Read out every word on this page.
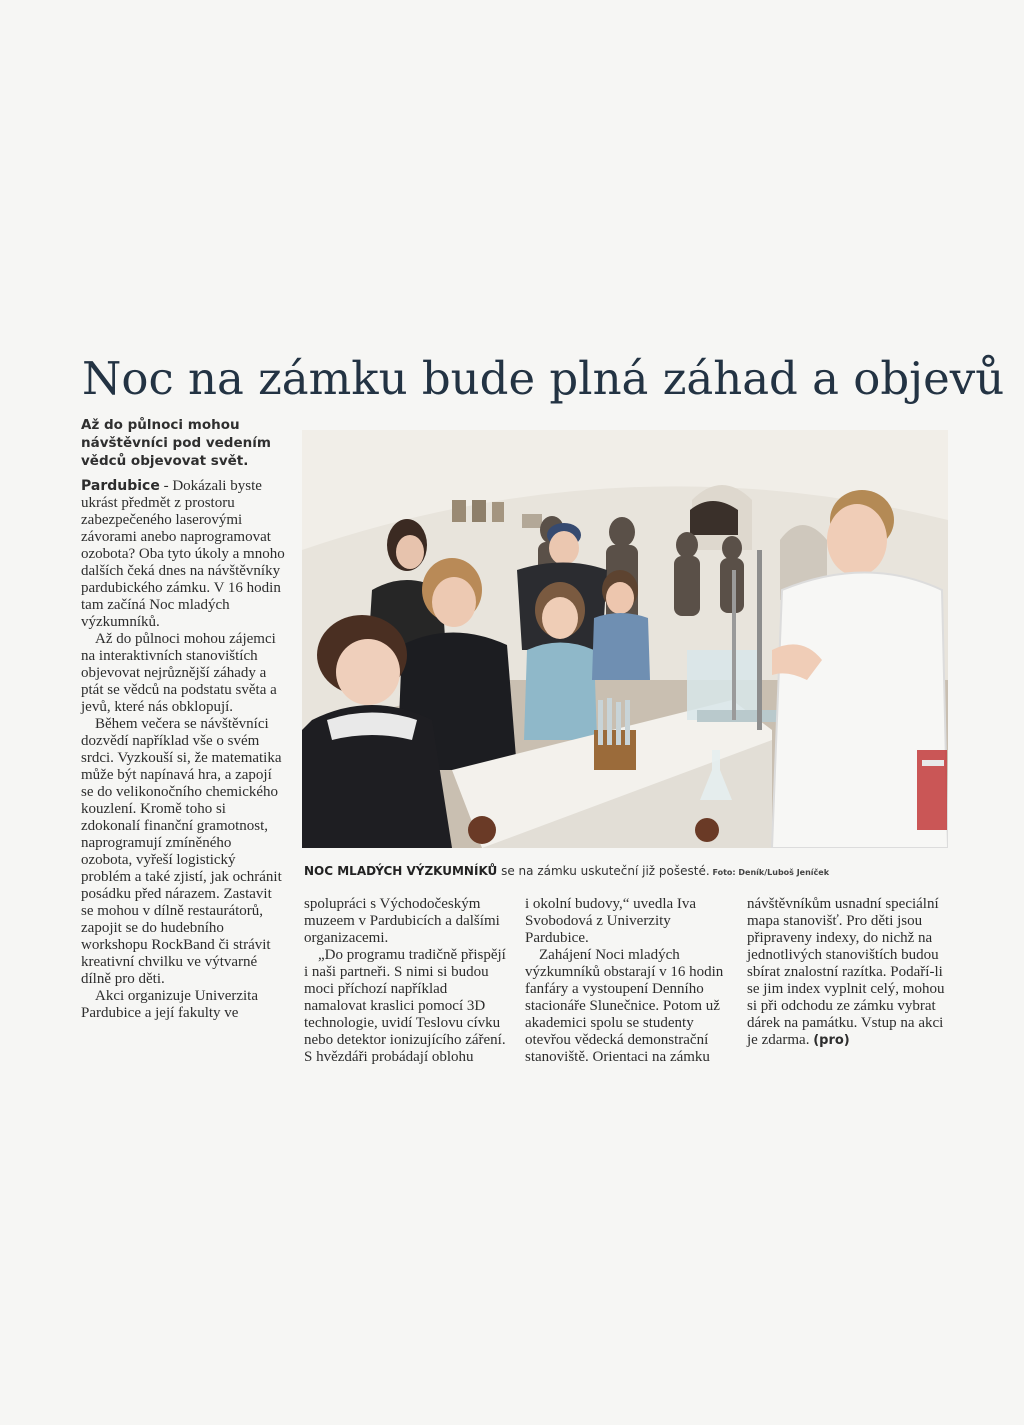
Noc na zámku bude plná záhad a objevů

Až do půlnoci mohou návštěvníci pod vedením vědců objevovat svět.

Pardubice - Dokázali byste ukrást předmět z prostoru zabezpečeného laserovými závorami anebo naprogramovat ozobota? Oba tyto úkoly a mnoho dalších čeká dnes na návštěvníky pardubického zámku. V 16 hodin tam začíná Noc mladých výzkumníků.

Až do půlnoci mohou zájemci na interaktivních stanovištích objevovat nejrůznější záhady a ptát se vědců na podstatu světa a jevů, které nás obklopují.

Během večera se návštěvníci dozvědí například vše o svém srdci. Vyzkouší si, že matematika může být napínavá hra, a zapojí se do velikonočního chemického kouzlení. Kromě toho si zdokonalí finanční gramotnost, naprogramují zmíněného ozobota, vyřeší logistický problém a také zjistí, jak ochránit posádku před nárazem. Zastavit se mohou v dílně restaurátorů, zapojit se do hudebního workshopu RockBand či strávit kreativní chvilku ve výtvarné dílně pro děti.

Akci organizuje Univerzita Pardubice a její fakulty ve

NOC MLADÝCH VÝZKUMNÍKŮ se na zámku uskuteční již pošesté. Foto: Deník/Luboš Jeníček

spolupráci s Východočeským muzeem v Pardubicích a dalšími organizacemi.

„Do programu tradičně přispějí i naši partneři. S nimi si budou moci příchozí například namalovat kraslici pomocí 3D technologie, uvidí Teslovu cívku nebo detektor ionizujícího záření. S hvězdáři probádají oblohu

i okolní budovy,“ uvedla Iva Svobodová z Univerzity Pardubice.

Zahájení Noci mladých výzkumníků obstarají v 16 hodin fanfáry a vystoupení Denního stacionáře Slunečnice. Potom už akademici spolu se studenty otevřou vědecká demonstrační stanoviště. Orientaci na zámku

návštěvníkům usnadní speciální mapa stanovišť. Pro děti jsou připraveny indexy, do nichž na jednotlivých stanovištích budou sbírat znalostní razítka. Podaří-li se jim index vyplnit celý, mohou si při odchodu ze zámku vybrat dárek na památku. Vstup na akci je zdarma. (pro)
